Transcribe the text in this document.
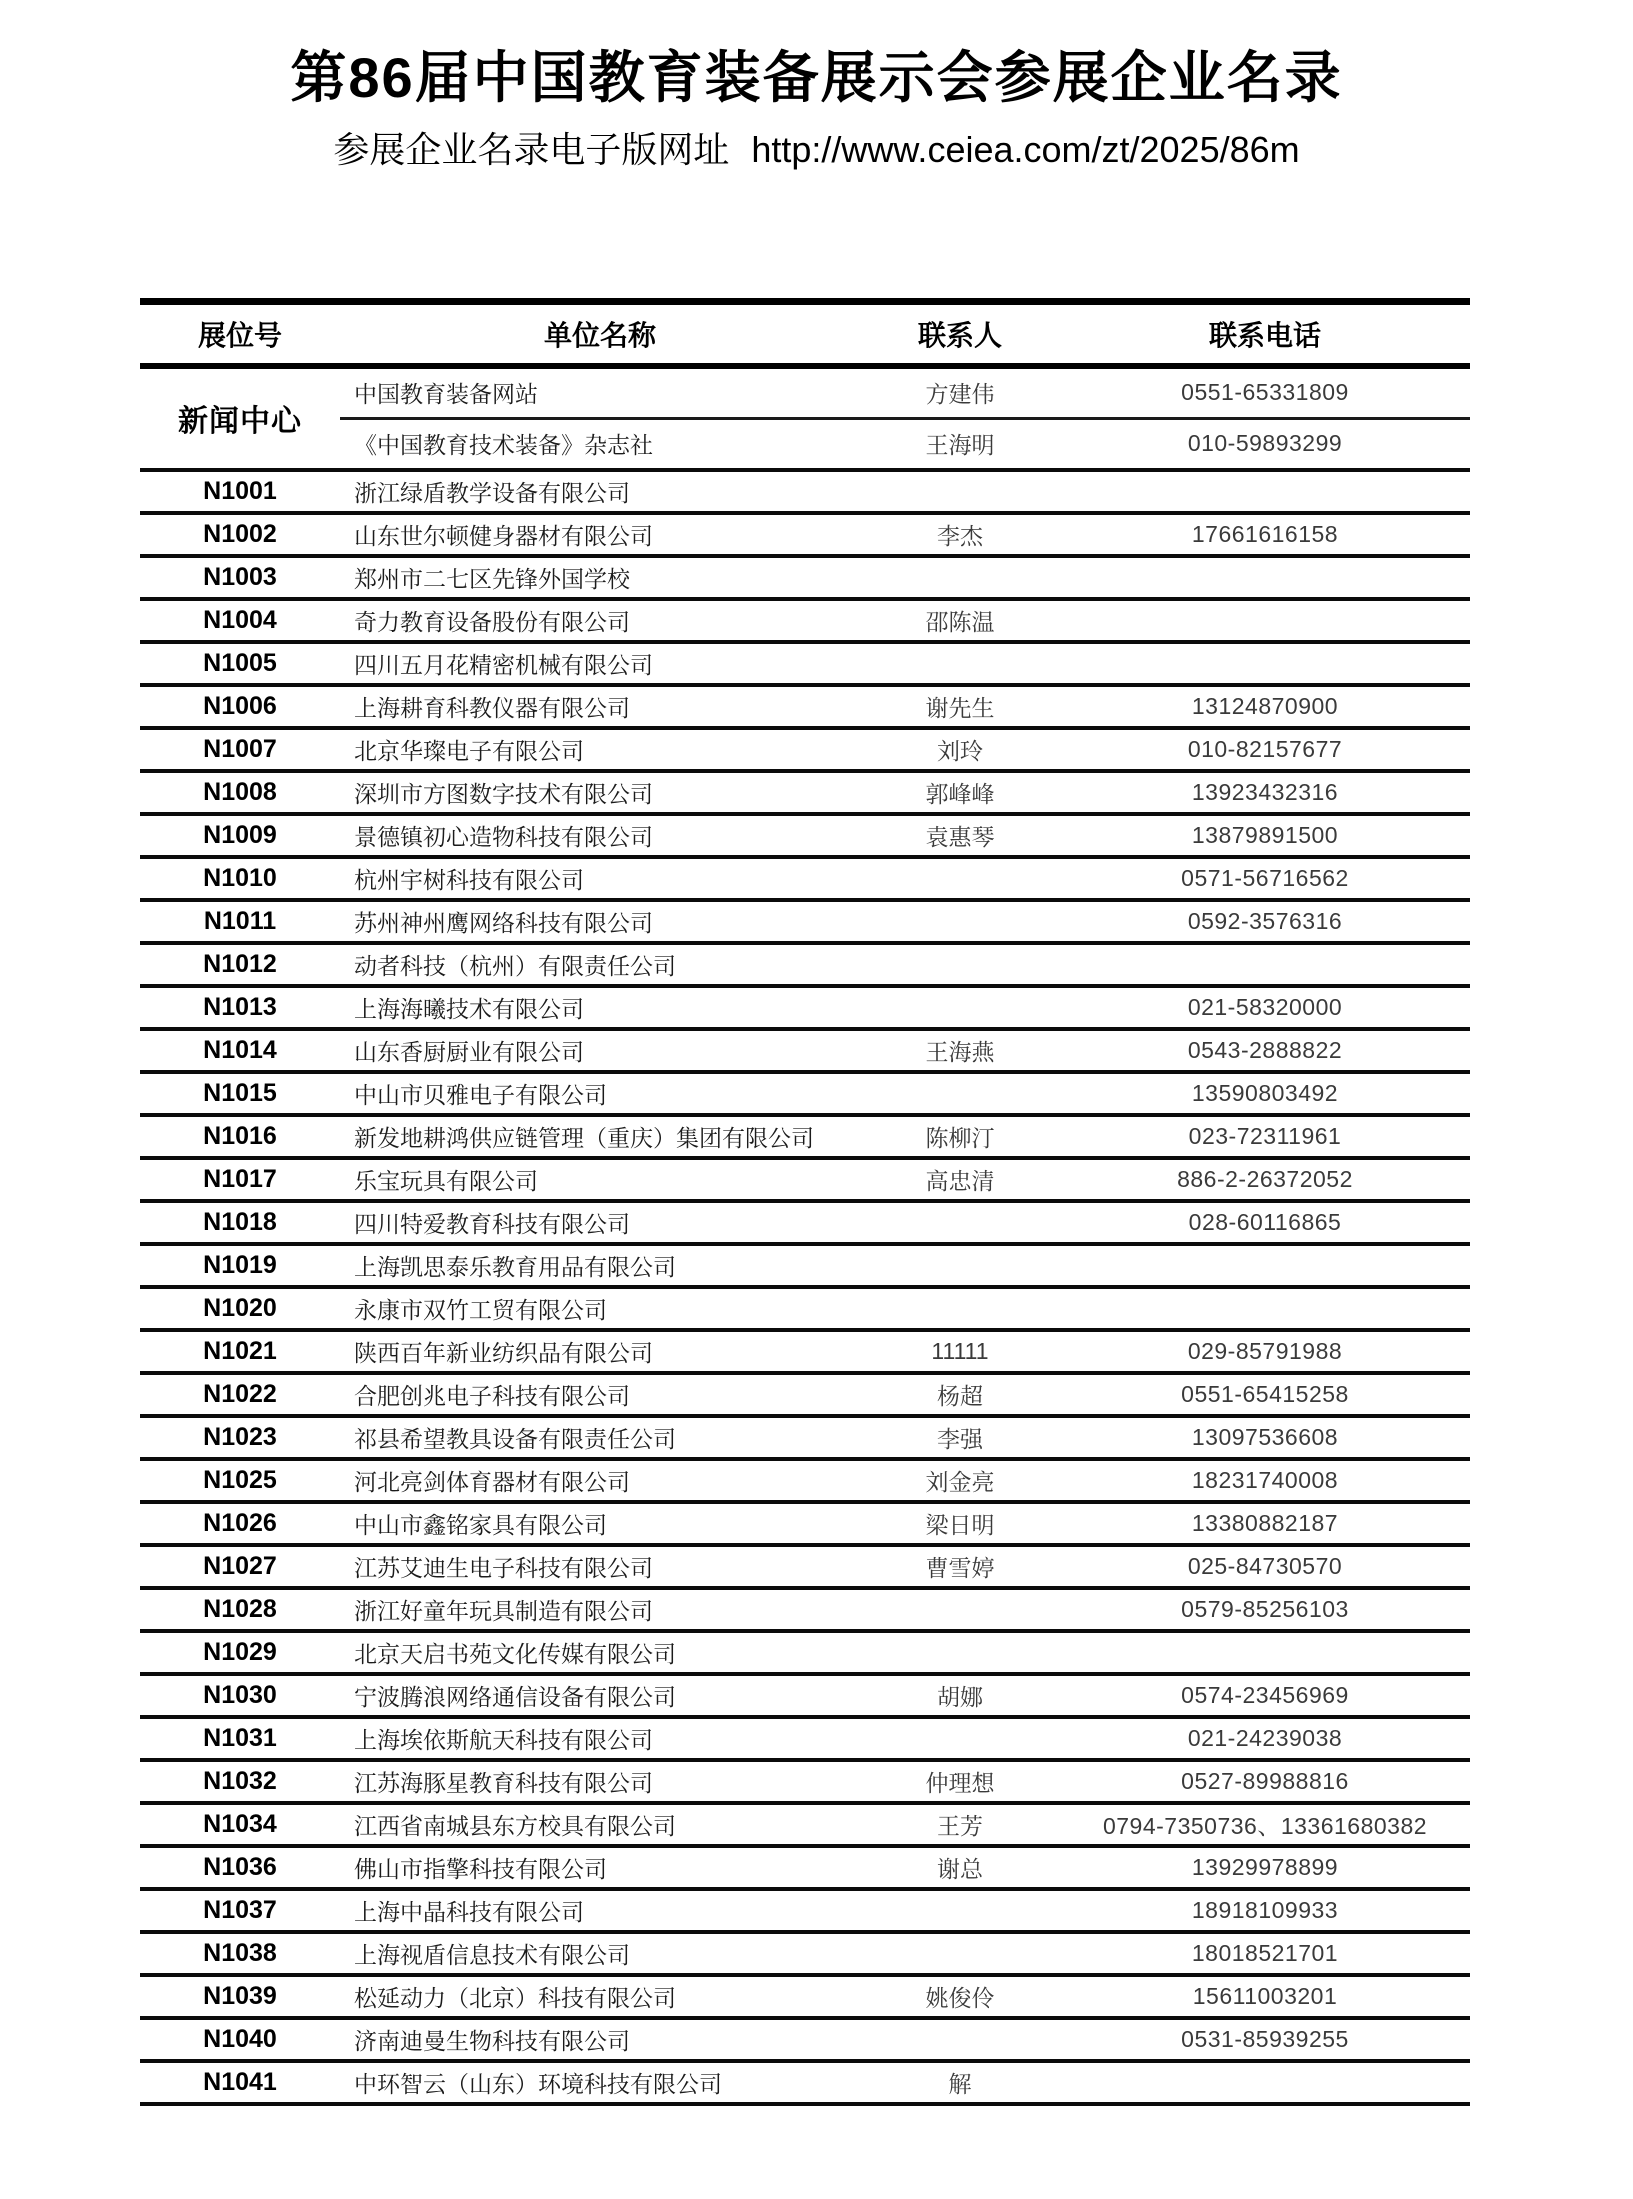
第86届中国教育装备展示会参展企业名录
参展企业名录电子版网址 http://www.ceiea.com/zt/2025/86m
展位号	单位名称	联系人	联系电话
新闻中心	中国教育装备网站	方建伟	0551-65331809
	《中国教育技术装备》杂志社	王海明	010-59893299
N1001	浙江绿盾教学设备有限公司		
N1002	山东世尔顿健身器材有限公司	李杰	17661616158
N1003	郑州市二七区先锋外国学校		
N1004	奇力教育设备股份有限公司	邵陈温	
N1005	四川五月花精密机械有限公司		
N1006	上海耕育科教仪器有限公司	谢先生	13124870900
N1007	北京华璨电子有限公司	刘玲	010-82157677
N1008	深圳市方图数字技术有限公司	郭峰峰	13923432316
N1009	景德镇初心造物科技有限公司	袁惠琴	13879891500
N1010	杭州宇树科技有限公司		0571-56716562
N1011	苏州神州鹰网络科技有限公司		0592-3576316
N1012	动者科技（杭州）有限责任公司		
N1013	上海海曦技术有限公司		021-58320000
N1014	山东香厨厨业有限公司	王海燕	0543-2888822
N1015	中山市贝雅电子有限公司		13590803492
N1016	新发地耕鸿供应链管理（重庆）集团有限公司	陈柳汀	023-72311961
N1017	乐宝玩具有限公司	高忠清	886-2-26372052
N1018	四川特爱教育科技有限公司		028-60116865
N1019	上海凯思泰乐教育用品有限公司		
N1020	永康市双竹工贸有限公司		
N1021	陕西百年新业纺织品有限公司	11111	029-85791988
N1022	合肥创兆电子科技有限公司	杨超	0551-65415258
N1023	祁县希望教具设备有限责任公司	李强	13097536608
N1025	河北亮剑体育器材有限公司	刘金亮	18231740008
N1026	中山市鑫铭家具有限公司	梁日明	13380882187
N1027	江苏艾迪生电子科技有限公司	曹雪婷	025-84730570
N1028	浙江好童年玩具制造有限公司		0579-85256103
N1029	北京天启书苑文化传媒有限公司		
N1030	宁波腾浪网络通信设备有限公司	胡娜	0574-23456969
N1031	上海埃依斯航天科技有限公司		021-24239038
N1032	江苏海豚星教育科技有限公司	仲理想	0527-89988816
N1034	江西省南城县东方校具有限公司	王芳	0794-7350736、13361680382
N1036	佛山市指擎科技有限公司	谢总	13929978899
N1037	上海中晶科技有限公司		18918109933
N1038	上海视盾信息技术有限公司		18018521701
N1039	松延动力（北京）科技有限公司	姚俊伶	15611003201
N1040	济南迪曼生物科技有限公司		0531-85939255
N1041	中环智云（山东）环境科技有限公司	解	
